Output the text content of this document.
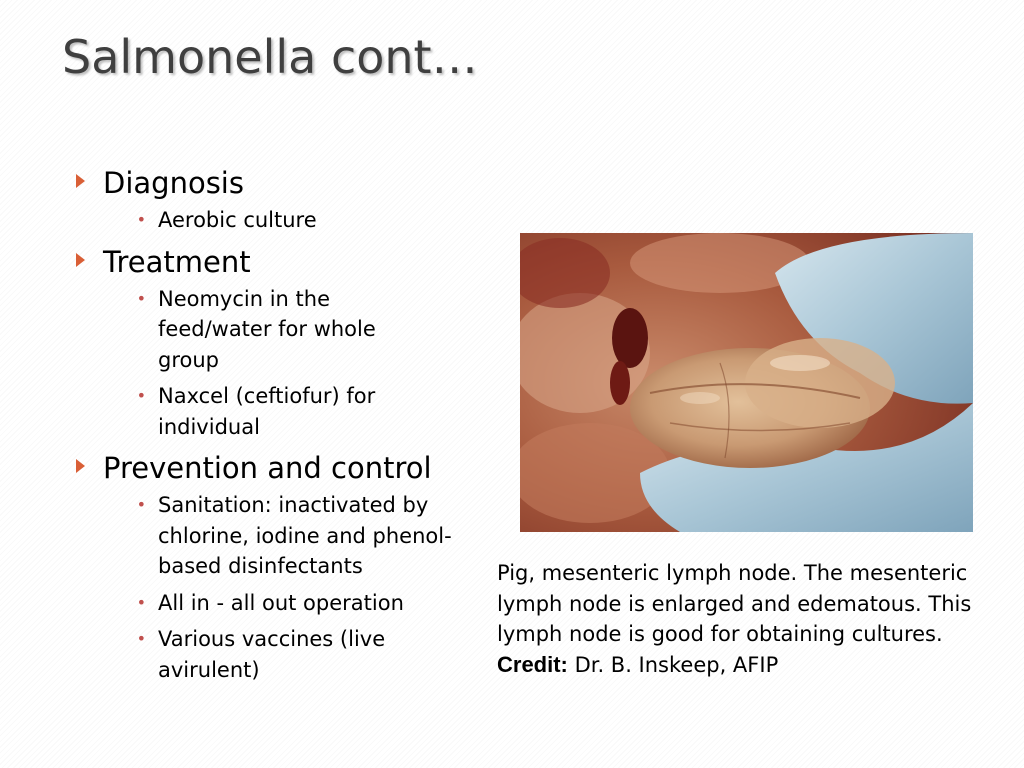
Salmonella cont…
Diagnosis
• Aerobic culture
Treatment
• Neomycin in the feed/water for whole group
• Naxcel (ceftiofur) for individual
Prevention and control
• Sanitation: inactivated by chlorine, iodine and phenol-based disinfectants
• All in - all out operation
• Various vaccines (live avirulent)
Pig, mesenteric lymph node. The mesenteric lymph node is enlarged and edematous. This lymph node is good for obtaining cultures.
Credit: Dr. B. Inskeep, AFIP
